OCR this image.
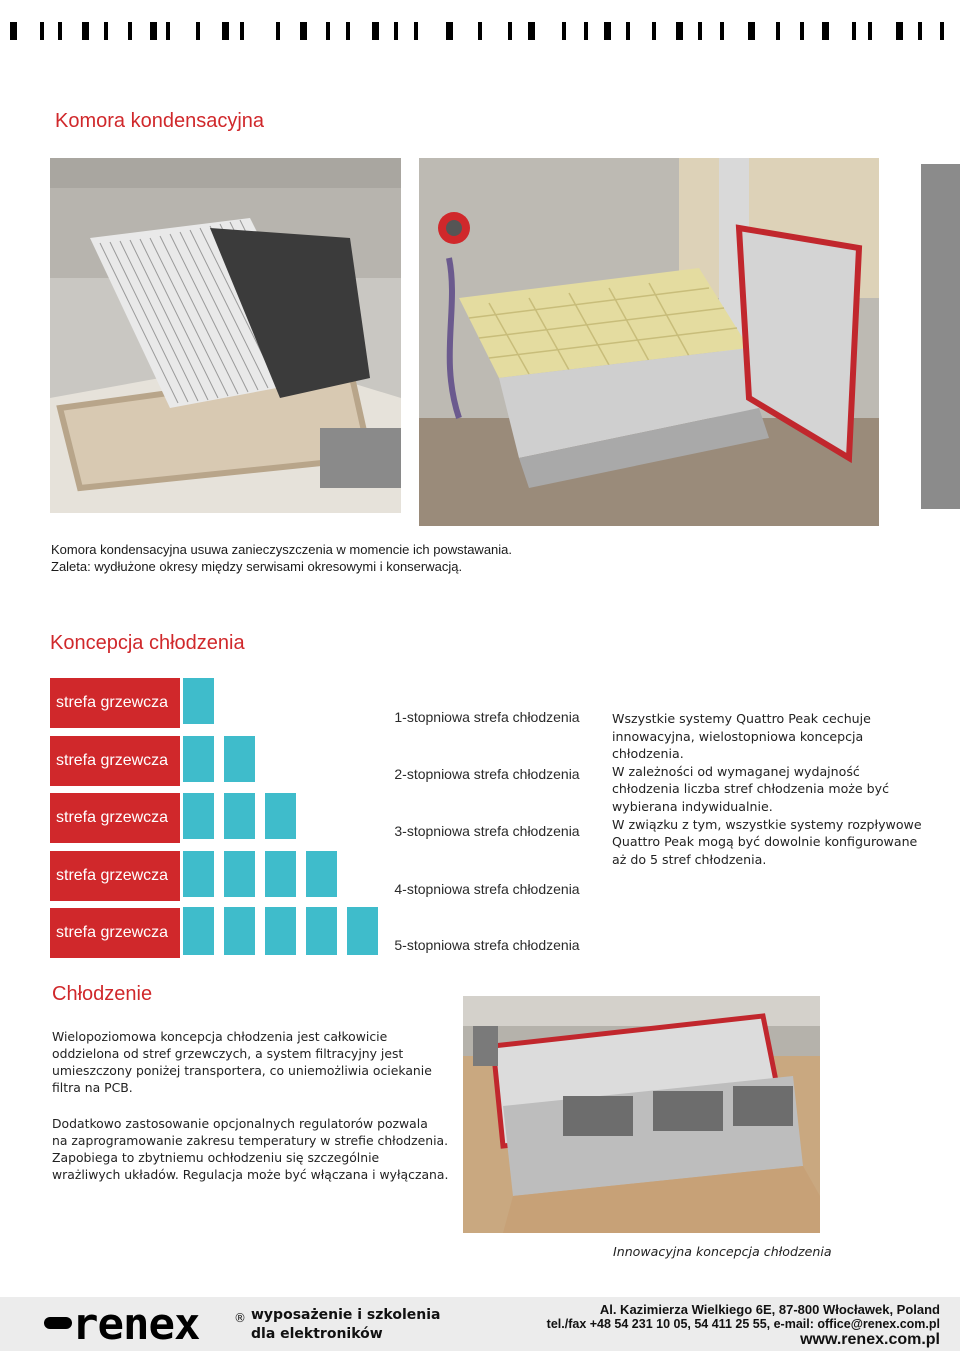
Komora kondensacyjna
Komora kondensacyjna usuwa zanieczyszczenia w momencie ich powstawania.
Zaleta: wydłużone okresy między serwisami okresowymi i konserwacją.
Koncepcja chłodzenia
strefa grzewcza
1-stopniowa strefa chłodzenia
strefa grzewcza
2-stopniowa strefa chłodzenia
strefa grzewcza
3-stopniowa strefa chłodzenia
strefa grzewcza
4-stopniowa strefa chłodzenia
strefa grzewcza
5-stopniowa strefa chłodzenia
Wszystkie systemy Quattro Peak cechuje
innowacyjna, wielostopniowa koncepcja
chłodzenia.
W zależności od wymaganej wydajność
chłodzenia liczba stref chłodzenia może być
wybierana indywidualnie.
W związku z tym, wszystkie systemy rozpływowe
Quattro Peak mogą być dowolnie konfigurowane
aż do 5 stref chłodzenia.
Chłodzenie
Wielopoziomowa koncepcja chłodzenia jest całkowicie
oddzielona od stref grzewczych, a system filtracyjny jest
umieszczony poniżej transportera, co uniemożliwia ociekanie
filtra na PCB.
Dodatkowo zastosowanie opcjonalnych regulatorów pozwala
na zaprogramowanie zakresu temperatury w strefie chłodzenia.
Zapobiega to zbytniemu ochłodzeniu się szczególnie
wrażliwych układów. Regulacja może być włączana i wyłączana.
Innowacyjna koncepcja chłodzenia
renex	® wyposażenie i szkolenia
dla elektroników
Al. Kazimierza Wielkiego 6E, 87-800 Włocławek, Poland
tel./fax +48 54 231 10 05, 54 411 25 55, e-mail: office@renex.com.pl
www.renex.com.pl
